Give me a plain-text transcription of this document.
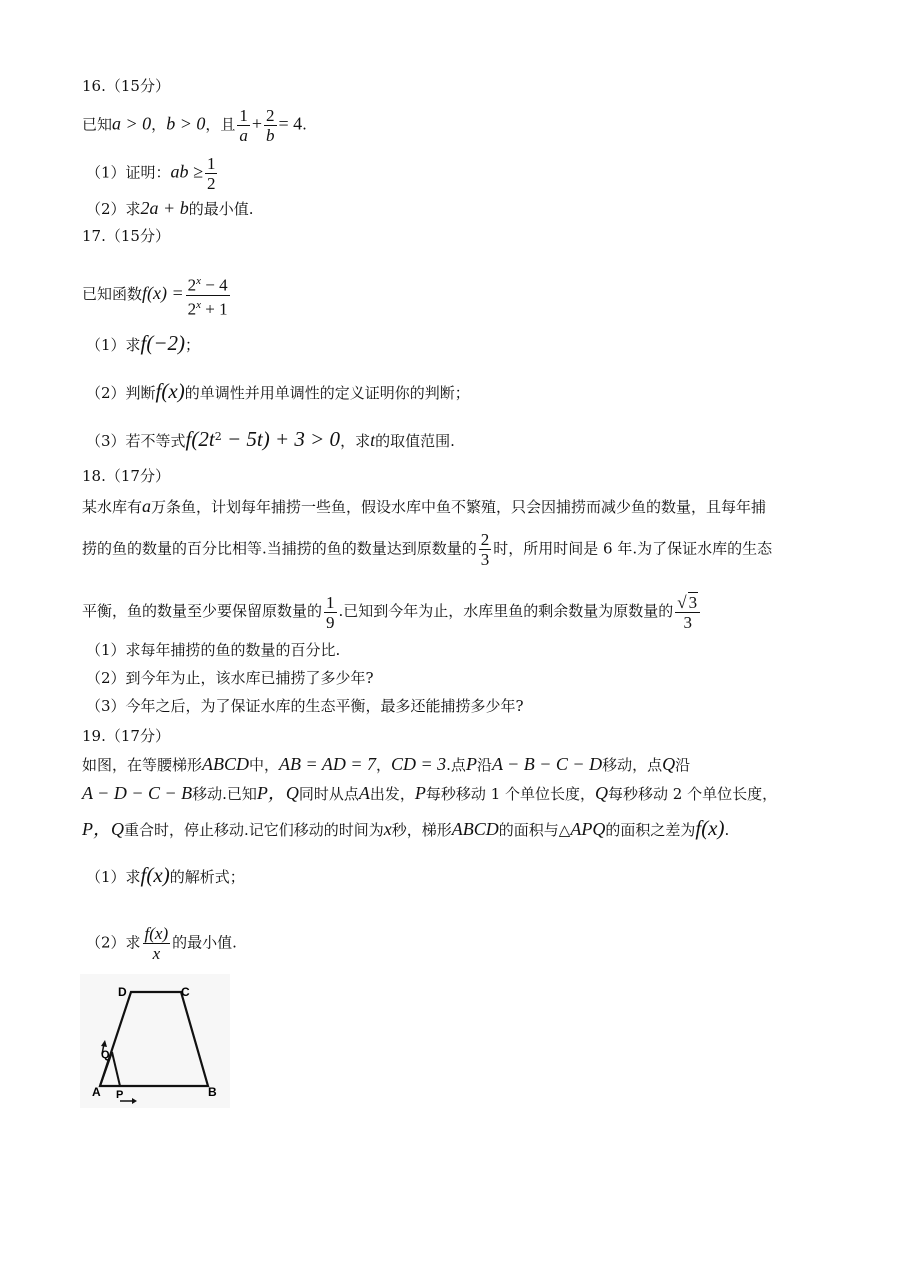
16.（15分）
已知a > 0，b > 0，且 $\frac{1}{a} + \frac{2}{b} = 4$.
（1）证明：ab ≥ $\frac{1}{2}$
（2）求2a + b的最小值.
17.（15分）
已知函数$f(x) = \frac{2^x - 4}{2^x + 1}$
（1）求f(−2)；
（2）判断f(x)的单调性并用单调性的定义证明你的判断；
（3）若不等式$f(2t^2 - 5t) + 3 > 0$，求t的取值范围.
18.（17分）
某水库有a万条鱼，计划每年捕捞一些鱼，假设水库中鱼不繁殖，只会因捕捞而减少鱼的数量，且每年捕
捞的鱼的数量的百分比相等.当捕捞的鱼的数量达到原数量的 $\frac{2}{3}$ 时，所用时间是 6 年.为了保证水库的生态
平衡，鱼的数量至少要保留原数量的 $\frac{1}{9}$ .已知到今年为止，水库里鱼的剩余数量为原数量的 $\frac{√ 3}{3}$
（1）求每年捕捞的鱼的数量的百分比.
（2）到今年为止，该水库已捕捞了多少年?
（3）今年之后，为了保证水库的生态平衡，最多还能捕捞多少年?
19.（17分）
如图，在等腰梯形ABCD中，AB = AD = 7，CD = 3.点P沿A − B − C − D移动，点Q沿
A − D − C − B移动.已知P，Q同时从点A出发，P每秒移动 1 个单位长度，Q每秒移动 2 个单位长度，
P，Q重合时，停止移动.记它们移动的时间为x秒，梯形ABCD的面积与△APQ的面积之差为f(x).
（1）求f(x)的解析式；
（2）求 $\frac{f(x)}{x}$ 的最小值.
D	C
A	B
Q
P
